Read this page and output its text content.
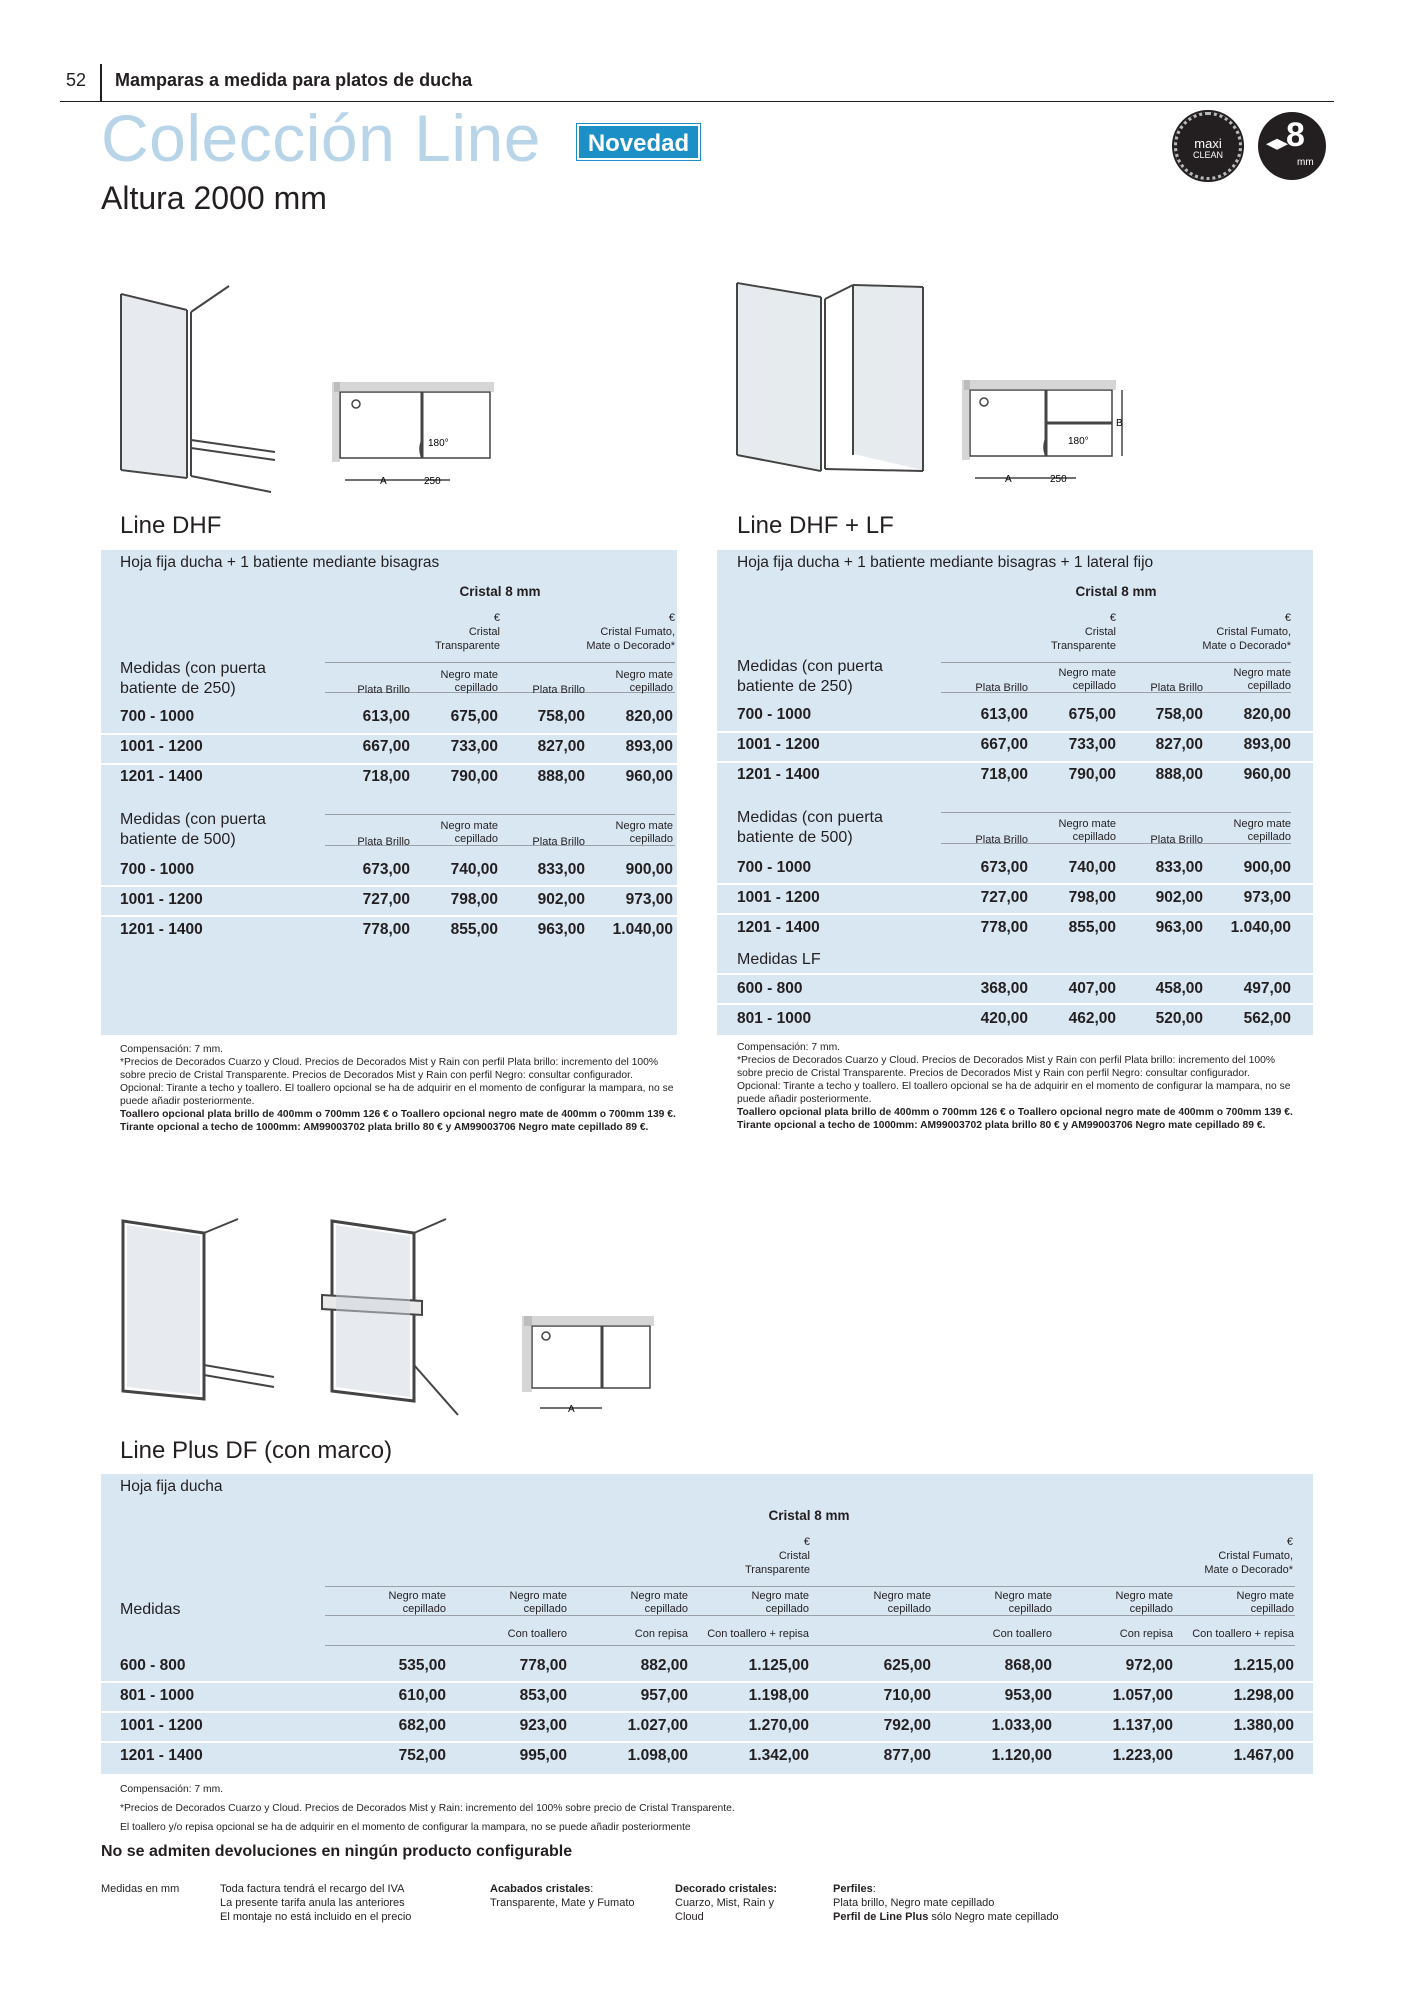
52 Mamparas a medida para platos de ducha
Colección Line	Novedad
Altura 2000 mm
maxi
CLEAN	◂▸
8
mm
180°
A	250
180°
A	250
B
A
Line DHF
Hoja fija ducha + 1 batiente mediante bisagras
Cristal 8 mm
€
Cristal
Transparente
€
Cristal Fumato,
Mate o Decorado*
Medidas (con puerta
batiente de 250)	Plata Brillo
Negro mate
cepillado	Plata Brillo
Negro mate
cepillado
700 - 1000	613,00	675,00	758,00	820,00
1001 - 1200	667,00	733,00	827,00	893,00
1201 - 1400	718,00	790,00	888,00	960,00
Medidas (con puerta
batiente de 500)	Plata Brillo
Negro mate
cepillado	Plata Brillo
Negro mate
cepillado
700 - 1000	673,00	740,00	833,00	900,00
1001 - 1200	727,00	798,00	902,00	973,00
1201 - 1400	778,00	855,00	963,00	1.040,00
Compensación: 7 mm.
*Precios de Decorados Cuarzo y Cloud. Precios de Decorados Mist y Rain con perfil Plata brillo: incremento del 100% sobre precio de Cristal Transparente. Precios de Decorados Mist y Rain con perfil Negro: consultar configurador.
Opcional: Tirante a techo y toallero. El toallero opcional se ha de adquirir en el momento de configurar la mampara, no se puede añadir posteriormente.
Toallero opcional plata brillo de 400mm o 700mm 126 € o Toallero opcional negro mate de 400mm o 700mm 139 €.
Tirante opcional a techo de 1000mm: AM99003702 plata brillo 80 € y AM99003706 Negro mate cepillado 89 €.
Line DHF + LF
Hoja fija ducha + 1 batiente mediante bisagras + 1 lateral fijo
Cristal 8 mm
€
Cristal
Transparente
€
Cristal Fumato,
Mate o Decorado*
Medidas (con puerta
batiente de 250)	Plata Brillo
Negro mate
cepillado	Plata Brillo
Negro mate
cepillado
700 - 1000	613,00	675,00	758,00	820,00
1001 - 1200	667,00	733,00	827,00	893,00
1201 - 1400	718,00	790,00	888,00	960,00
Medidas (con puerta
batiente de 500)	Plata Brillo
Negro mate
cepillado	Plata Brillo
Negro mate
cepillado
700 - 1000	673,00	740,00	833,00	900,00
1001 - 1200	727,00	798,00	902,00	973,00
1201 - 1400	778,00	855,00	963,00	1.040,00
Medidas LF
600 - 800	368,00	407,00	458,00	497,00
801 - 1000	420,00	462,00	520,00	562,00
Compensación: 7 mm.
*Precios de Decorados Cuarzo y Cloud. Precios de Decorados Mist y Rain con perfil Plata brillo: incremento del 100% sobre precio de Cristal Transparente. Precios de Decorados Mist y Rain con perfil Negro: consultar configurador.
Opcional: Tirante a techo y toallero. El toallero opcional se ha de adquirir en el momento de configurar la mampara, no se puede añadir posteriormente.
Toallero opcional plata brillo de 400mm o 700mm 126 € o Toallero opcional negro mate de 400mm o 700mm 139 €.
Tirante opcional a techo de 1000mm: AM99003702 plata brillo 80 € y AM99003706 Negro mate cepillado 89 €.
Line Plus DF (con marco)
Hoja fija ducha
Cristal 8 mm
€
Cristal
Transparente
€
Cristal Fumato,
Mate o Decorado*
Medidas
Negro mate
cepillado
Negro mate
cepillado
Negro mate
cepillado
Negro mate
cepillado
Negro mate
cepillado
Negro mate
cepillado
Negro mate
cepillado
Negro mate
cepillado
Con toallero	Con repisa	Con toallero + repisa	Con toallero	Con repisa	Con toallero + repisa
600 - 800	535,00	778,00	882,00	1.125,00	625,00	868,00	972,00	1.215,00
801 - 1000	610,00	853,00	957,00	1.198,00	710,00	953,00	1.057,00	1.298,00
1001 - 1200	682,00	923,00	1.027,00	1.270,00	792,00	1.033,00	1.137,00	1.380,00
1201 - 1400	752,00	995,00	1.098,00	1.342,00	877,00	1.120,00	1.223,00	1.467,00
Compensación: 7 mm.
*Precios de Decorados Cuarzo y Cloud. Precios de Decorados Mist y Rain: incremento del 100% sobre precio de Cristal Transparente.
El toallero y/o repisa opcional se ha de adquirir en el momento de configurar la mampara, no se puede añadir posteriormente
No se admiten devoluciones en ningún producto configurable
Medidas en mm	Toda factura tendrá el recargo del IVA
La presente tarifa anula las anteriores
El montaje no está incluido en el precio
Acabados cristales:
Transparente, Mate y Fumato
Decorado cristales:
Cuarzo, Mist, Rain y
Cloud
Perfiles:
Plata brillo, Negro mate cepillado
Perfil de Line Plus sólo Negro mate cepillado
